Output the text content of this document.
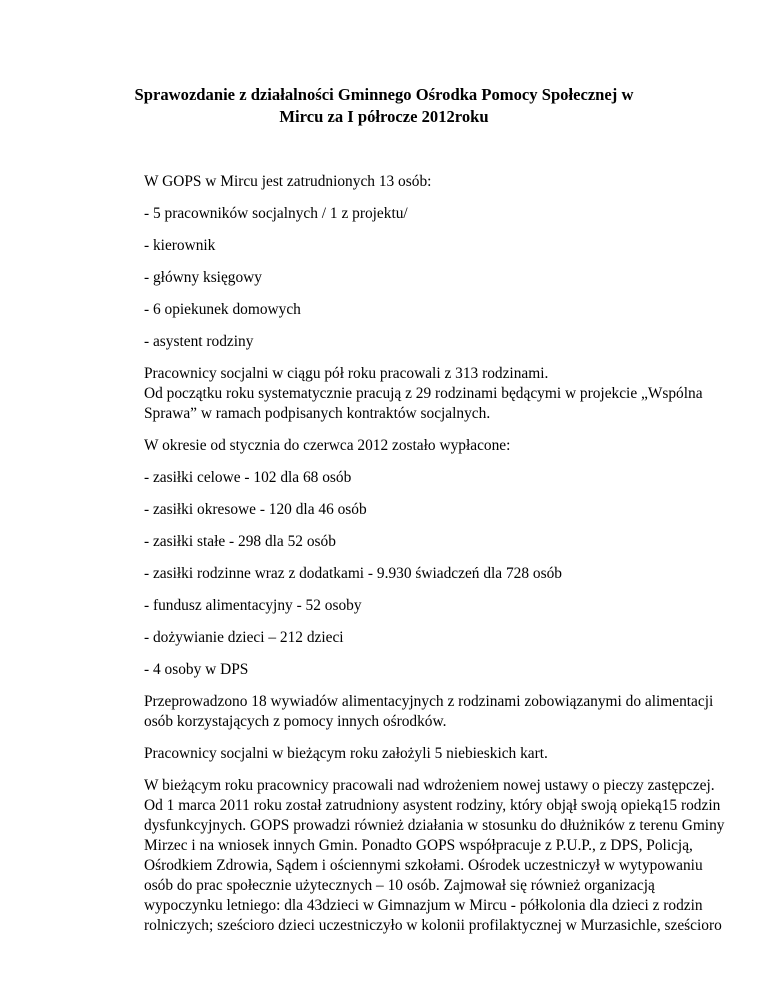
Sprawozdanie z działalności Gminnego Ośrodka Pomocy Społecznej w
Mircu za I półrocze 2012roku

W GOPS w Mircu jest zatrudnionych 13 osób:

- 5 pracowników socjalnych / 1 z projektu/

- kierownik

- główny księgowy

- 6 opiekunek domowych

- asystent rodziny

Pracownicy socjalni w ciągu pół roku pracowali z 313 rodzinami.
Od początku roku systematycznie pracują z 29 rodzinami będącymi w projekcie „Wspólna
Sprawa” w ramach podpisanych kontraktów socjalnych.

W okresie od stycznia do czerwca 2012 zostało wypłacone:

- zasiłki celowe - 102 dla 68 osób

- zasiłki okresowe - 120 dla 46 osób

- zasiłki stałe - 298 dla 52 osób

- zasiłki rodzinne wraz z dodatkami - 9.930 świadczeń dla 728 osób

- fundusz alimentacyjny - 52 osoby

- dożywianie dzieci – 212 dzieci

- 4 osoby w DPS

Przeprowadzono 18 wywiadów alimentacyjnych z rodzinami zobowiązanymi do alimentacji
osób korzystających z pomocy innych ośrodków.

Pracownicy socjalni w bieżącym roku założyli 5 niebieskich kart.

W bieżącym roku pracownicy pracowali nad wdrożeniem nowej ustawy o pieczy zastępczej.
Od 1 marca 2011 roku został zatrudniony asystent rodziny, który objął swoją opieką15 rodzin
dysfunkcyjnych. GOPS prowadzi również działania w stosunku do dłużników z terenu Gminy
Mirzec i na wniosek innych Gmin. Ponadto GOPS współpracuje z P.U.P., z DPS, Policją,
Ośrodkiem Zdrowia, Sądem i ościennymi szkołami. Ośrodek uczestniczył w wytypowaniu
osób do prac społecznie użytecznych – 10 osób. Zajmował się również organizacją
wypoczynku letniego: dla 43dzieci w Gimnazjum w Mircu - półkolonia dla dzieci z rodzin
rolniczych; sześcioro dzieci uczestniczyło w kolonii profilaktycznej w Murzasichle, sześcioro
